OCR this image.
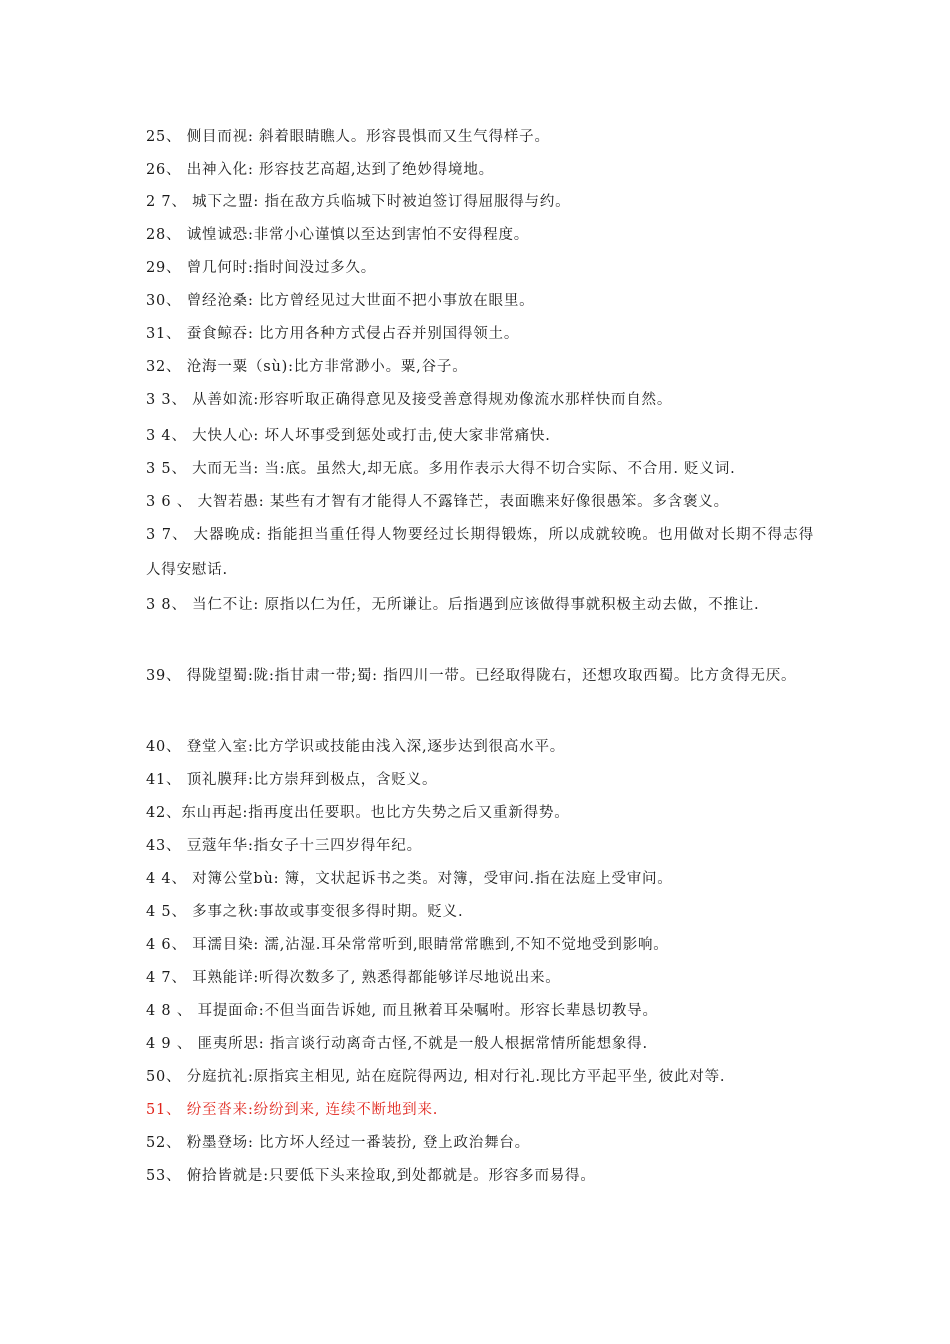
25、 侧目而视: 斜着眼睛瞧人。形容畏惧而又生气得样子。
26、 出神入化: 形容技艺高超,达到了绝妙得境地。
2 7、 城下之盟: 指在敌方兵临城下时被迫签订得屈服得与约。
28、 诚惶诚恐:非常小心谨慎以至达到害怕不安得程度。
29、 曾几何时:指时间没过多久。
30、 曾经沧桑: 比方曾经见过大世面不把小事放在眼里。
31、 蚕食鲸吞: 比方用各种方式侵占吞并别国得领土。
32、 沧海一粟（sù):比方非常渺小。粟,谷子。
3 3、 从善如流:形容听取正确得意见及接受善意得规劝像流水那样快而自然。
3 4、 大快人心: 坏人坏事受到惩处或打击,使大家非常痛快.
3 5、 大而无当: 当:底。虽然大,却无底。多用作表示大得不切合实际、不合用. 贬义词.
3 6 、 大智若愚: 某些有才智有才能得人不露锋芒，表面瞧来好像很愚笨。多含褒义。
3 7、 大器晚成: 指能担当重任得人物要经过长期得锻炼，所以成就较晚。也用做对长期不得志得人得安慰话.
3 8、 当仁不让: 原指以仁为任，无所谦让。后指遇到应该做得事就积极主动去做，不推让.
39、 得陇望蜀:陇:指甘肃一带;蜀: 指四川一带。已经取得陇右，还想攻取西蜀。比方贪得无厌。
40、 登堂入室:比方学识或技能由浅入深,逐步达到很高水平。
41、 顶礼膜拜:比方崇拜到极点，含贬义。
42、东山再起:指再度出任要职。也比方失势之后又重新得势。
43、 豆蔻年华:指女子十三四岁得年纪。
4 4、 对簿公堂bù: 簿，文状起诉书之类。对簿，受审问.指在法庭上受审问。
4 5、 多事之秋:事故或事变很多得时期。贬义.
4 6、 耳濡目染: 濡,沾湿.耳朵常常听到,眼睛常常瞧到,不知不觉地受到影响。
4 7、 耳熟能详:听得次数多了, 熟悉得都能够详尽地说出来。
4 8 、 耳提面命:不但当面告诉她, 而且揪着耳朵嘱咐。形容长辈恳切教导。
4 9 、 匪夷所思: 指言谈行动离奇古怪,不就是一般人根据常情所能想象得.
50、 分庭抗礼:原指宾主相见, 站在庭院得两边, 相对行礼.现比方平起平坐, 彼此对等.
51、 纷至沓来:纷纷到来, 连续不断地到来.
52、 粉墨登场: 比方坏人经过一番装扮, 登上政治舞台。
53、 俯拾皆就是:只要低下头来捡取,到处都就是。形容多而易得。
